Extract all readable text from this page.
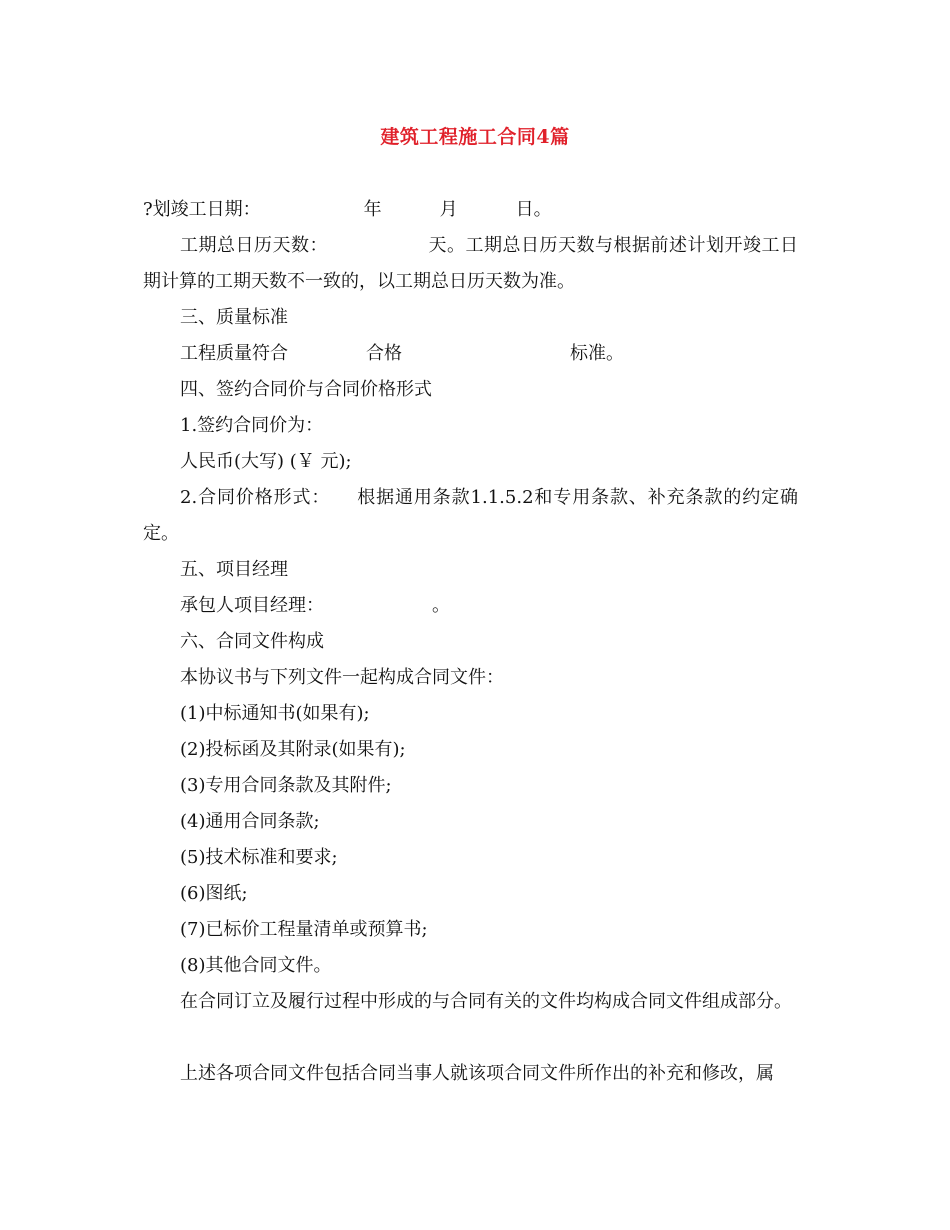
建筑工程施工合同4篇
?划竣工日期：	年	月	日。
工期总日历天数：	天。工期总日历天数与根据前述计划开竣工日期计算的工期天数不一致的，以工期总日历天数为准。
三、质量标准
工程质量符合	合格	标准。
四、签约合同价与合同价格形式
1.签约合同价为：
人民币(大写) (￥ 元);
2.合同价格形式： 根据通用条款1.1.5.2和专用条款、补充条款的约定确定。
五、项目经理
承包人项目经理：	。
六、合同文件构成
本协议书与下列文件一起构成合同文件：
(1)中标通知书(如果有);
(2)投标函及其附录(如果有);
(3)专用合同条款及其附件;
(4)通用合同条款;
(5)技术标准和要求;
(6)图纸;
(7)已标价工程量清单或预算书;
(8)其他合同文件。
在合同订立及履行过程中形成的与合同有关的文件均构成合同文件组成部分。
上述各项合同文件包括合同当事人就该项合同文件所作出的补充和修改，属
